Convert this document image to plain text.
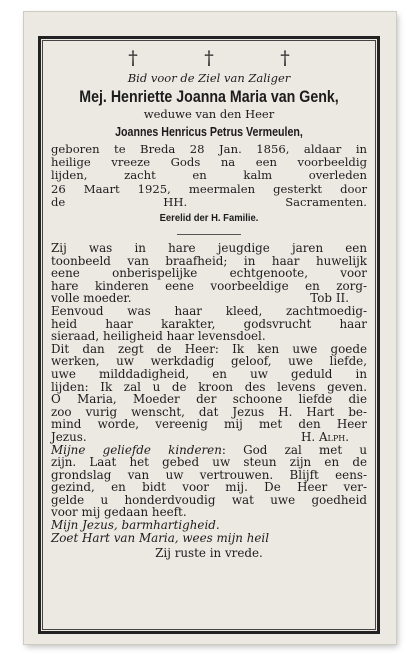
†	†	†
Bid voor de Ziel van Zaliger
Mej. Henriette Joanna Maria van Genk,
weduwe van den Heer
Joannes Henricus Petrus Vermeulen,
geboren te Breda 28 Jan. 1856, aldaar in
heilige vreeze Gods na een voorbeeldig
lijden, zacht en kalm overleden
26 Maart 1925, meermalen gesterkt door
de HH. Sacramenten.
Eerelid der H. Familie.
Zij was in hare jeugdige jaren een
toonbeeld van braafheid; in haar huwelijk
eene onberispelijke echtgenoote, voor
hare kinderen eene voorbeeldige en zorg-
volle moeder.	Tob II.
Eenvoud was haar kleed, zachtmoedig-
heid haar karakter, godsvrucht haar
sieraad, heiligheid haar levensdoel.
Dit dan zegt de Heer: Ik ken uwe goede
werken, uw werkdadig geloof, uwe liefde,
uwe milddadigheid, en uw geduld in
lijden: Ik zal u de kroon des levens geven.
O Maria, Moeder der schoone liefde die
zoo vurig wenscht, dat Jezus H. Hart be-
mind worde, vereenig mij met den Heer
Jezus.	H. Alph.
Mijne geliefde kinderen: God zal met u
zijn. Laat het gebed uw steun zijn en de
grondslag van uw vertrouwen. Blijft eens-
gezind, en bidt voor mij. De Heer ver-
gelde u honderdvoudig wat uwe goedheid
voor mij gedaan heeft.
Mijn Jezus, barmhartigheid.
Zoet Hart van Maria, wees mijn heil
Zij ruste in vrede.
